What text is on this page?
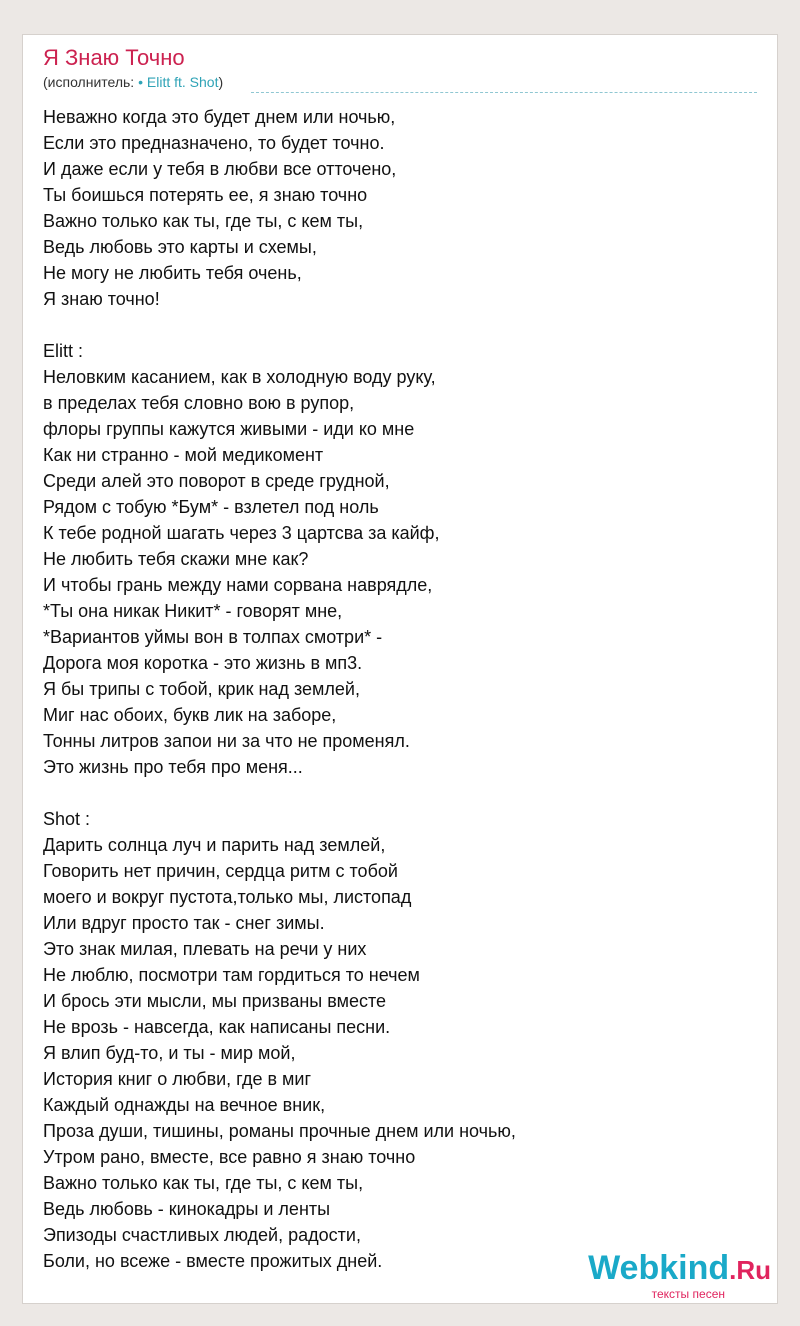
Я Знаю Точно
(исполнитель: • Elitt ft. Shot)
Неважно когда это будет днем или ночью,
Если это предназначено, то будет точно.
И даже если у тебя в любви все отточено,
Ты боишься потерять ее, я знаю точно
Важно только как ты, где ты, с кем ты,
Ведь любовь это карты и схемы,
Не могу не любить тебя очень,
Я знаю точно!
Elitt :
Неловким касанием, как в холодную воду руку,
в пределах тебя словно вою в рупор,
флоры группы кажутся живыми - иди ко мне
Как ни странно - мой медикомент
Среди алей это поворот в среде грудной,
Рядом с тобую *Бум* - взлетел под ноль
К тебе родной шагать через 3 цартсва за кайф,
Не любить тебя скажи мне как?
И чтобы грань между нами сорвана наврядле,
*Ты она никак Никит* - говорят мне,
*Вариантов уймы вон в толпах смотри* -
Дорога моя коротка - это жизнь в мп3.
Я бы трипы с тобой, крик над землей,
Миг нас обоих, букв лик на заборе,
Тонны литров запои ни за что не променял.
Это жизнь про тебя про меня...
Shot :
Дарить солнца луч и парить над землей,
Говорить нет причин, сердца ритм с тобой
моего и вокруг пустота,только мы, листопад
Или вдруг просто так - снег зимы.
Это знак милая, плевать на речи у них
Не люблю, посмотри там гордиться то нечем
И брось эти мысли, мы призваны вместе
Не врозь - навсегда, как написаны песни.
Я влип буд-то, и ты - мир мой,
История книг о любви, где в миг
Каждый однажды на вечное вник,
Проза души, тишины, романы прочные днем или ночью,
Утром рано, вместе, все равно я знаю точно
Важно только как ты, где ты, с кем ты,
Ведь любовь - кинокадры и ленты
Эпизоды счастливых людей, радости,
Боли, но всеже - вместе прожитых дней.	Webkind.Ru
тексты песен
